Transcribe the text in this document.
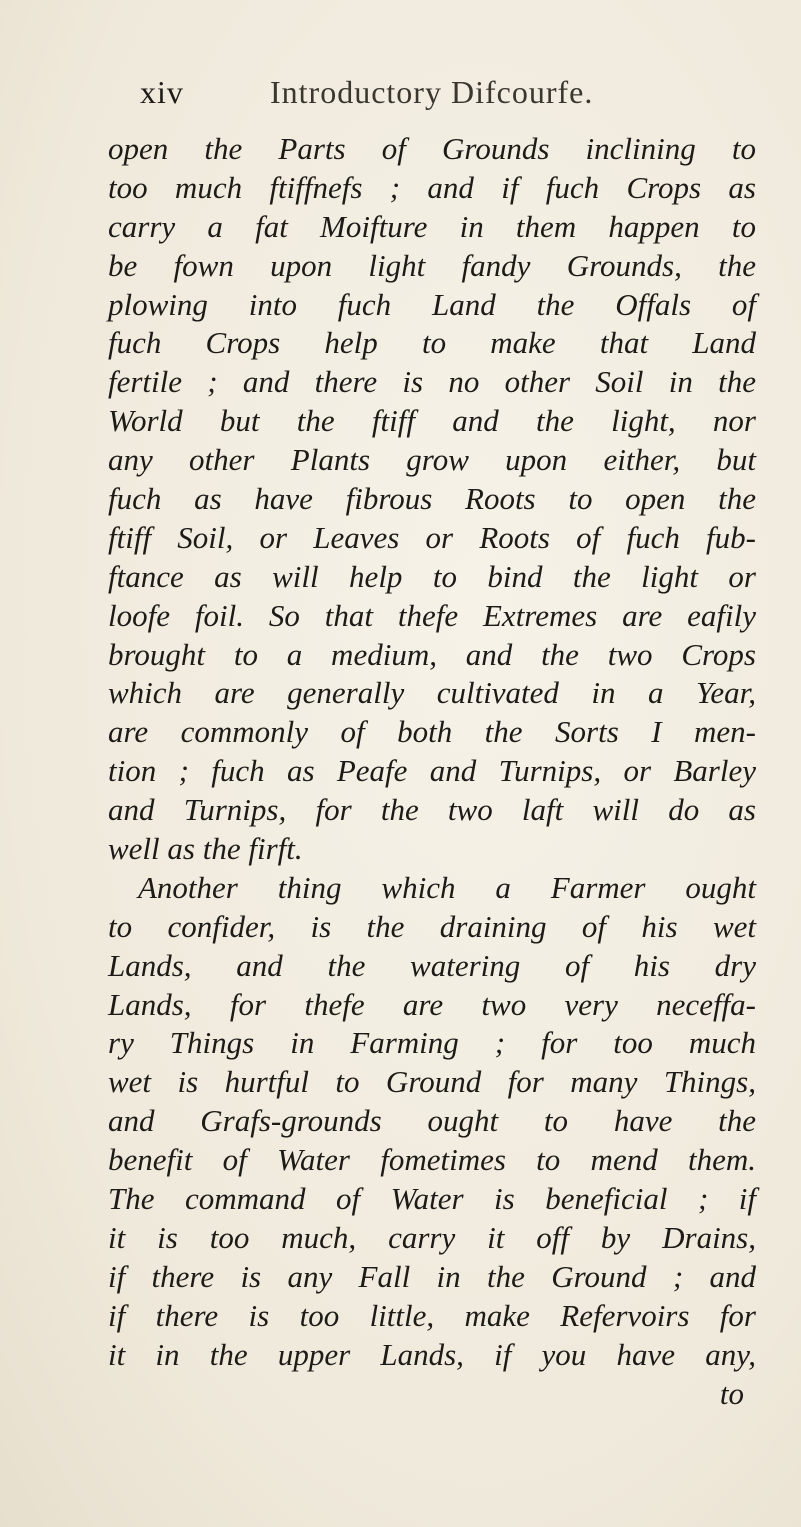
xiv	Introductory Difcourfe.
open the Parts of Grounds inclining to
too much ftiffnefs ; and if fuch Crops as
carry a fat Moifture in them happen to
be fown upon light fandy Grounds, the
plowing into fuch Land the Offals of
fuch Crops help to make that Land
fertile ; and there is no other Soil in the
World but the ftiff and the light, nor
any other Plants grow upon either, but
fuch as have fibrous Roots to open the
ftiff Soil, or Leaves or Roots of fuch fub-
ftance as will help to bind the light or
loofe foil. So that thefe Extremes are eafily
brought to a medium, and the two Crops
which are generally cultivated in a Year,
are commonly of both the Sorts I men-
tion ; fuch as Peafe and Turnips, or Barley
and Turnips, for the two laft will do as
well as the firft.
Another thing which a Farmer ought
to confider, is the draining of his wet
Lands, and the watering of his dry
Lands, for thefe are two very neceffa-
ry Things in Farming ; for too much
wet is hurtful to Ground for many Things,
and Grafs-grounds ought to have the
benefit of Water fometimes to mend them.
The command of Water is beneficial ; if
it is too much, carry it off by Drains,
if there is any Fall in the Ground ; and
if there is too little, make Refervoirs for
it in the upper Lands, if you have any,
to
